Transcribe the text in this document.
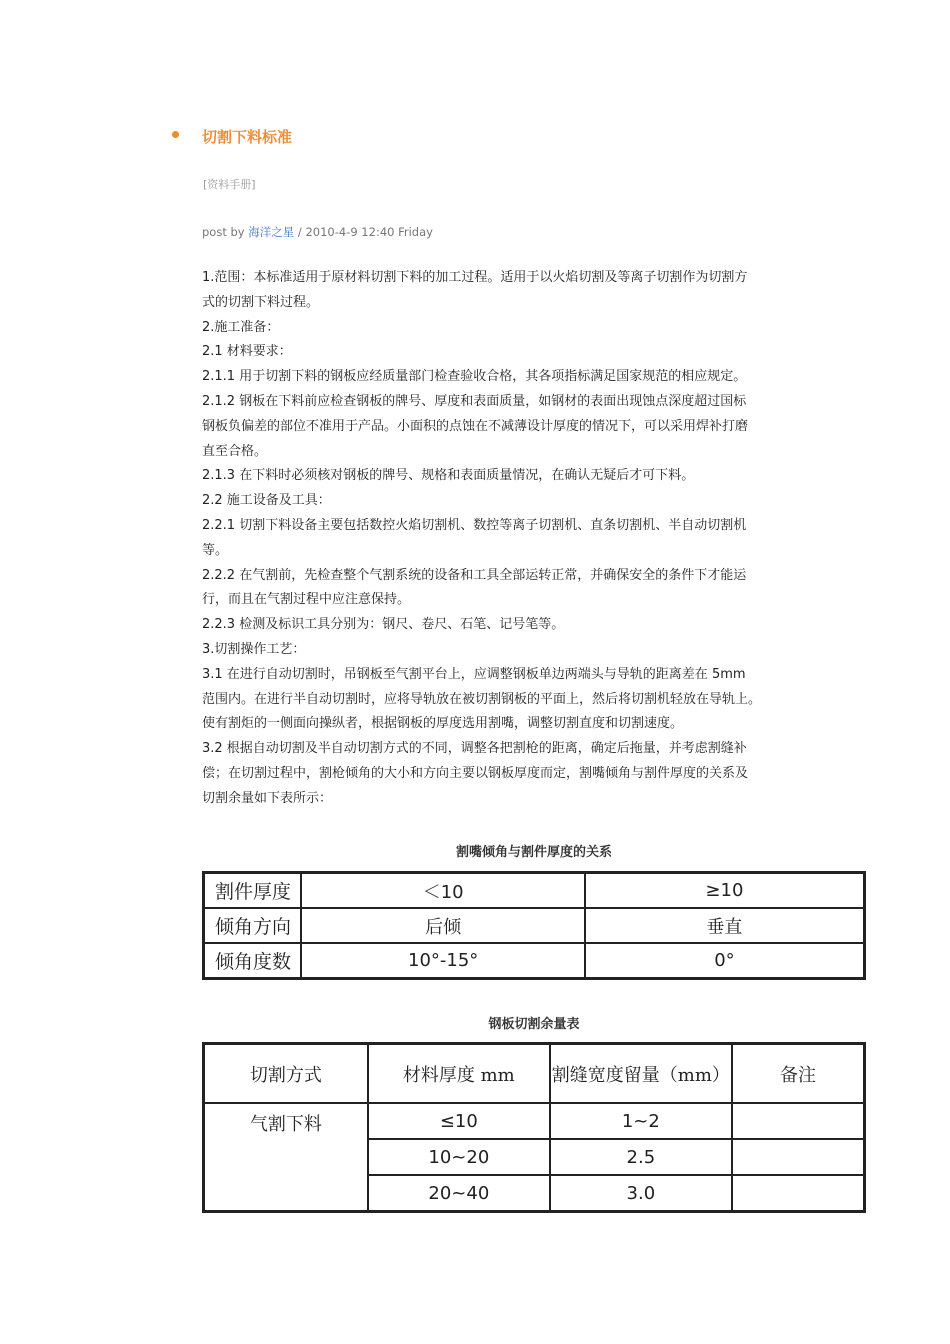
切割下料标准
[资料手册]
post by 海洋之星 / 2010-4-9 12:40 Friday

1.范围：本标准适用于原材料切割下料的加工过程。适用于以火焰切割及等离子切割作为切割方

式的切割下料过程。

2.施工准备：

2.1 材料要求：

2.1.1 用于切割下料的钢板应经质量部门检查验收合格，其各项指标满足国家规范的相应规定。

2.1.2 钢板在下料前应检查钢板的牌号、厚度和表面质量，如钢材的表面出现蚀点深度超过国标

钢板负偏差的部位不准用于产品。小面积的点蚀在不减薄设计厚度的情况下，可以采用焊补打磨

直至合格。

2.1.3 在下料时必须核对钢板的牌号、规格和表面质量情况，在确认无疑后才可下料。

2.2 施工设备及工具：

2.2.1 切割下料设备主要包括数控火焰切割机、数控等离子切割机、直条切割机、半自动切割机

等。

2.2.2 在气割前，先检查整个气割系统的设备和工具全部运转正常，并确保安全的条件下才能运

行，而且在气割过程中应注意保持。

2.2.3 检测及标识工具分别为：钢尺、卷尺、石笔、记号笔等。

3.切割操作工艺：

3.1 在进行自动切割时，吊钢板至气割平台上，应调整钢板单边两端头与导轨的距离差在 5mm

范围内。在进行半自动切割时，应将导轨放在被切割钢板的平面上，然后将切割机轻放在导轨上。

使有割炬的一侧面向操纵者，根据钢板的厚度选用割嘴，调整切割直度和切割速度。

3.2 根据自动切割及半自动切割方式的不同，调整各把割枪的距离，确定后拖量，并考虑割缝补

偿；在切割过程中，割枪倾角的大小和方向主要以钢板厚度而定，割嘴倾角与割件厚度的关系及

切割余量如下表所示：

割嘴倾角与割件厚度的关系
割件厚度	＜10	≥10
倾角方向	后倾	垂直
倾角度数	10°-15°	0°
钢板切割余量表
切割方式	材料厚度 mm	割缝宽度留量（mm）	备注
气割下料	≤10	1~2	
	10~20	2.5	
	20~40	3.0	
